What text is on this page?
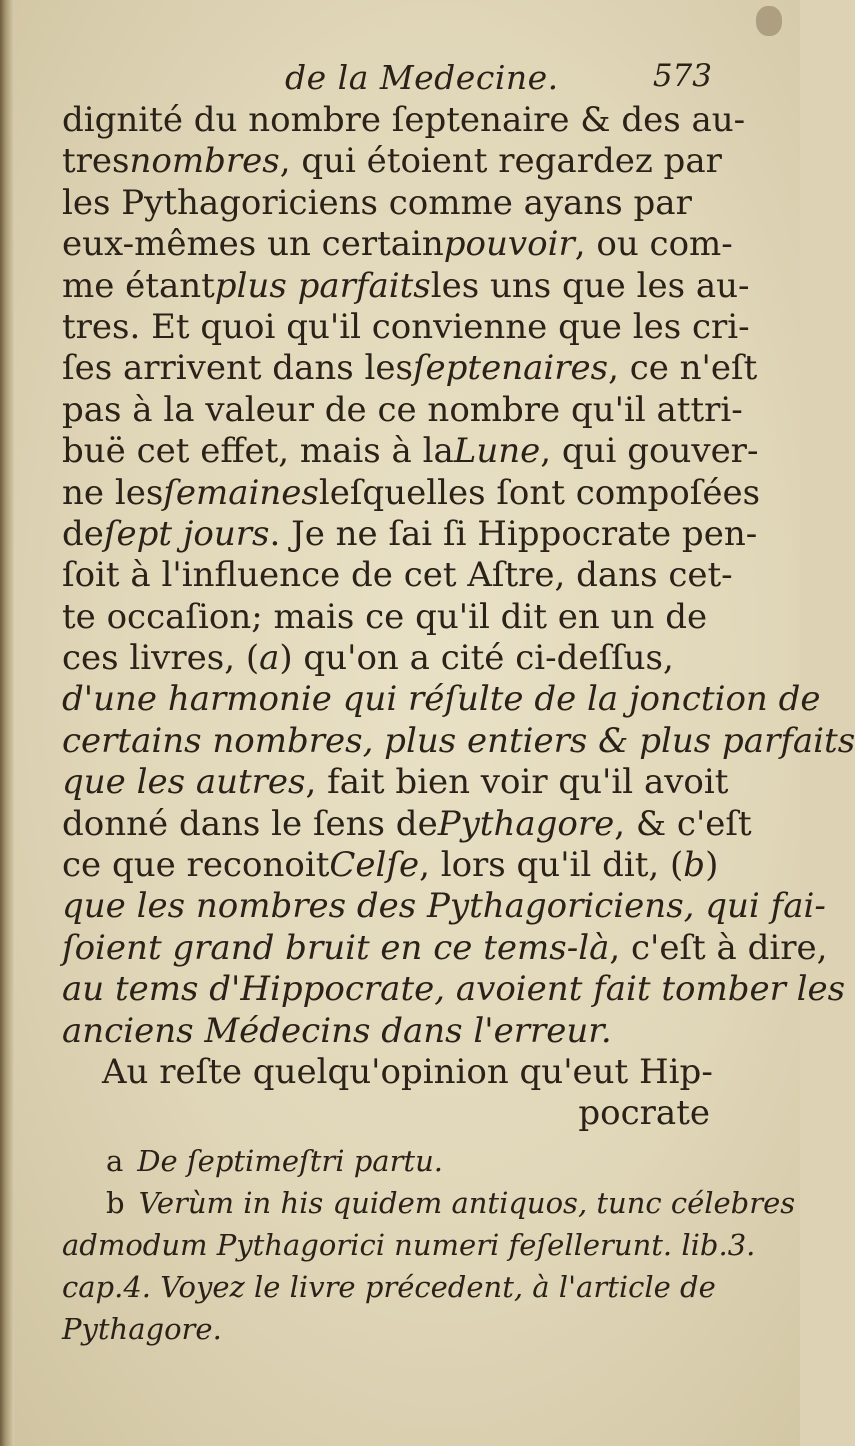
de la Medecine.	573
dignité du nombre ſeptenaire & des au-
tres nombres , qui étoient regardez par
les Pythagoriciens comme ayans par
eux-mêmes un certain pouvoir , ou com-
me étant plus parfaits les uns que les au-
tres. Et quoi qu'il convienne que les cri-
ſes arrivent dans les ſeptenaires , ce n'eſt
pas à la valeur de ce nombre qu'il attri-
buë cet effet, mais à la Lune , qui gouver-
ne les ſemaines leſquelles ſont compoſées
de ſept jours . Je ne ſai ſi Hippocrate pen-
ſoit à l'influence de cet Aſtre, dans cet-
te occaſion; mais ce qu'il dit en un de
ces livres, ( a ) qu'on a cité ci-deſſus,
d'une harmonie qui réſulte de la jonction de
certains nombres, plus entiers & plus parfaits
que les autres , fait bien voir qu'il avoit
donné dans le ſens de Pythagore , & c'eſt
ce que reconoit Celſe , lors qu'il dit, ( b )
que les nombres des Pythagoriciens, qui fai-
ſoient grand bruit en ce tems-là , c'eſt à dire,
au tems d'Hippocrate, avoient fait tomber les
anciens Médecins dans l'erreur.
Au reſte quelqu'opinion qu'eut Hip-
pocrate
a De ſeptimeſtri partu.
b Verùm in his quidem antiquos, tunc célebres
admodum Pythagorici numeri feſellerunt. lib.3.
cap.4. Voyez le livre précedent, à l'article de
Pythagore.
